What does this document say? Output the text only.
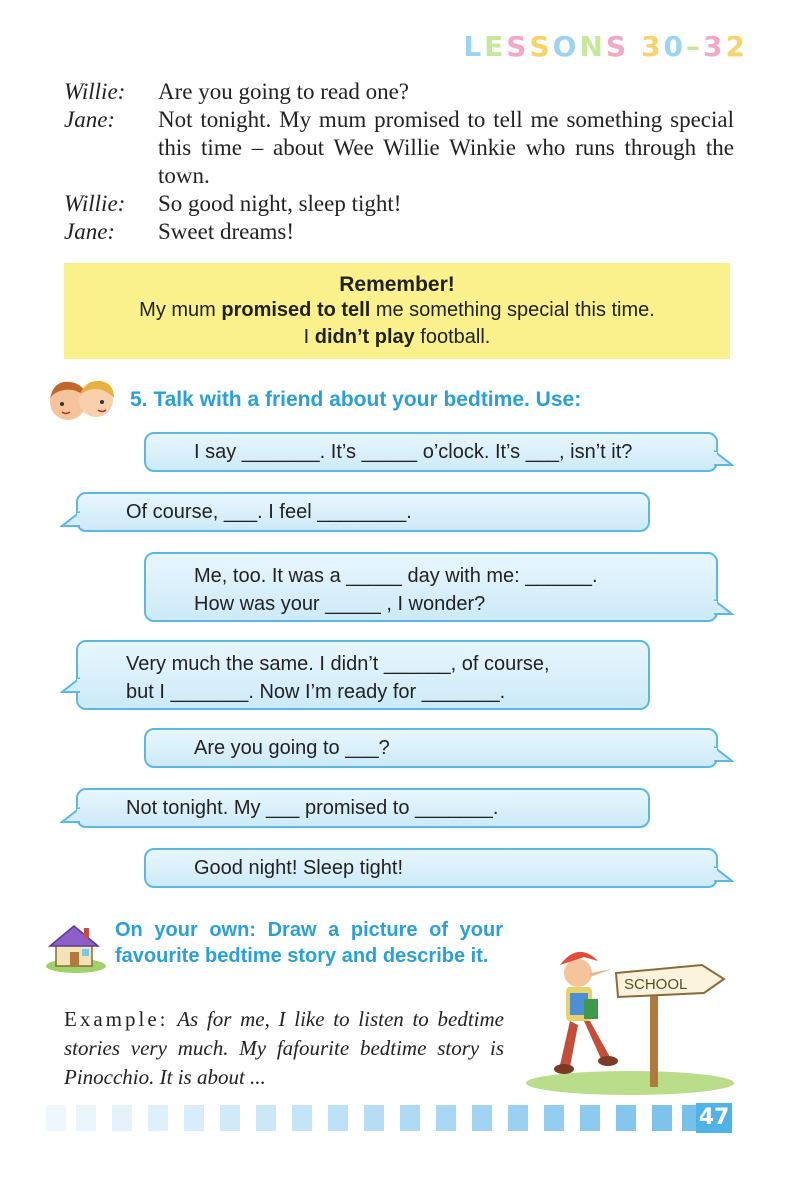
LESSONS 30–32
Willie:	Are you going to read one?
Jane:	Not tonight. My mum promised to tell me something special this time – about Wee Willie Winkie who runs through the town.
Willie:	So good night, sleep tight!
Jane:	Sweet dreams!
Remember!
My mum promised to tell me something special this time.
I didn’t play football.
5. Talk with a friend about your bedtime. Use:
I say _______. It’s _____ o’clock. It’s ___, isn’t it?
Of course, ___. I feel ________.
Me, too. It was a _____ day with me: ______.
How was your _____ , I wonder?
Very much the same. I didn’t ______, of course,
but I _______. Now I’m ready for _______.
Are you going to ___?
Not tonight. My ___ promised to _______.
Good night! Sleep tight!
On your own: Draw a picture of your favourite bedtime story and describe it.
Example: As for me, I like to listen to bedtime stories very much. My fafourite bedtime story is Pinocchio. It is about ...
SCHOOL
47
